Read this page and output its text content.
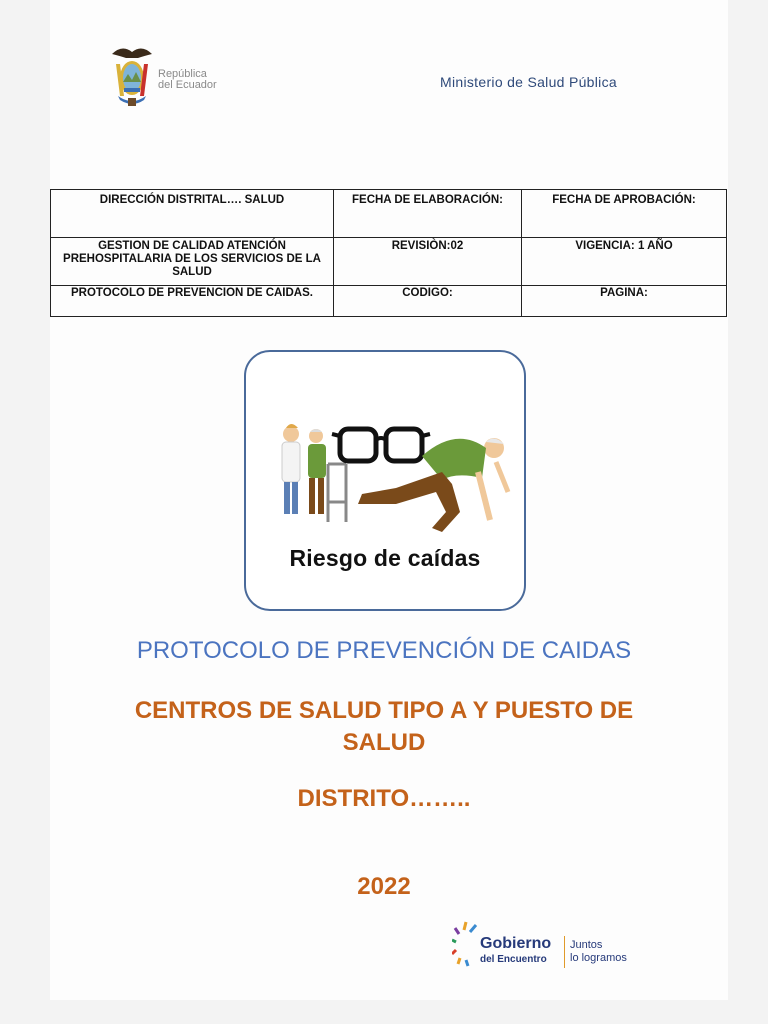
República
del Ecuador	Ministerio de Salud Pública
DIRECCIÓN DISTRITAL…. SALUD	FECHA DE ELABORACIÓN:	FECHA DE APROBACIÓN:
GESTION DE CALIDAD ATENCIÓN PREHOSPITALARIA DE LOS SERVICIOS DE LA SALUD	REVISIÒN:02	VIGENCIA: 1 AÑO
PROTOCOLO DE PREVENCION DE CAIDAS.	CODIGO:	PAGINA:
Riesgo de caídas
PROTOCOLO DE PREVENCIÓN DE CAIDAS
CENTROS DE SALUD TIPO A Y PUESTO DE SALUD
DISTRITO……..
2022
Gobierno
del Encuentro
Juntos
lo logramos
